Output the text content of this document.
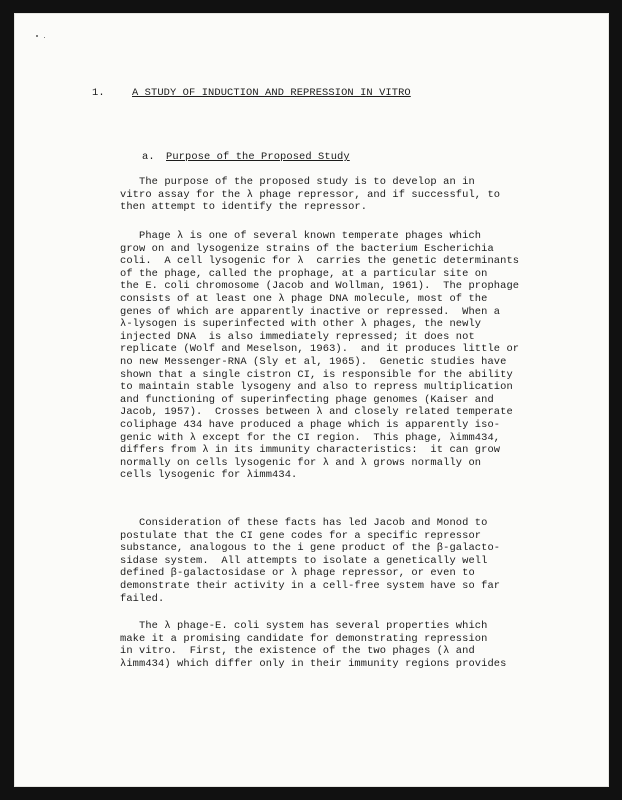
1.	A STUDY OF INDUCTION AND REPRESSION IN VITRO
a. Purpose of the Proposed Study
The purpose of the proposed study is to develop an in
vitro assay for the λ phage repressor, and if successful, to
then attempt to identify the repressor.
Phage λ is one of several known temperate phages which
grow on and lysogenize strains of the bacterium Escherichia
coli.  A cell lysogenic for λ  carries the genetic determinants
of the phage, called the prophage, at a particular site on
the E. coli chromosome (Jacob and Wollman, 1961).  The prophage
consists of at least one λ phage DNA molecule, most of the
genes of which are apparently inactive or repressed.  When a
λ-lysogen is superinfected with other λ phages, the newly
injected DNA  is also immediately repressed; it does not
replicate (Wolf and Meselson, 1963).  and it produces little or
no new Messenger-RNA (Sly et al, 1965).  Genetic studies have
shown that a single cistron CI, is responsible for the ability
to maintain stable lysogeny and also to repress multiplication
and functioning of superinfecting phage genomes (Kaiser and
Jacob, 1957).  Crosses between λ and closely related temperate
coliphage 434 have produced a phage which is apparently iso-
genic with λ except for the CI region.  This phage, λimm434,
differs from λ in its immunity characteristics:  it can grow
normally on cells lysogenic for λ and λ grows normally on
cells lysogenic for λimm434.
Consideration of these facts has led Jacob and Monod to
postulate that the CI gene codes for a specific repressor
substance, analogous to the i gene product of the β-galacto-
sidase system.  All attempts to isolate a genetically well
defined β-galactosidase or λ phage repressor, or even to
demonstrate their activity in a cell-free system have so far
failed.
The λ phage-E. coli system has several properties which
make it a promising candidate for demonstrating repression
in vitro.  First, the existence of the two phages (λ and
λimm434) which differ only in their immunity regions provides
